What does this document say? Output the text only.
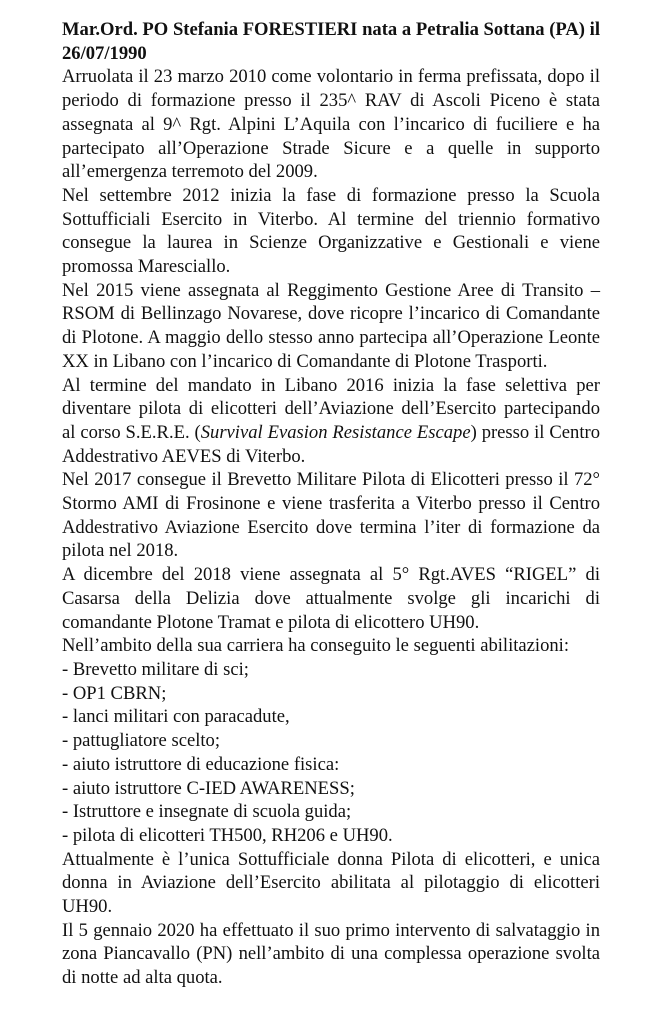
Mar.Ord. PO Stefania FORESTIERI nata a Petralia Sottana (PA) il 26/07/1990

Arruolata il 23 marzo 2010 come volontario in ferma prefissata, dopo il periodo di formazione presso il 235^ RAV di Ascoli Piceno è stata assegnata al 9^ Rgt. Alpini L’Aquila con l’incarico di fuciliere e ha partecipato all’Operazione Strade Sicure e a quelle in supporto all’emergenza terremoto del 2009.

Nel settembre 2012 inizia la fase di formazione presso la Scuola Sottufficiali Esercito in Viterbo. Al termine del triennio formativo consegue la laurea in Scienze Organizzative e Gestionali e viene promossa Maresciallo.

Nel 2015 viene assegnata al Reggimento Gestione Aree di Transito – RSOM di Bellinzago Novarese, dove ricopre l’incarico di Comandante di Plotone. A maggio dello stesso anno partecipa all’Operazione Leonte XX in Libano con l’incarico di Comandante di Plotone Trasporti.

Al termine del mandato in Libano 2016 inizia la fase selettiva per diventare pilota di elicotteri dell’Aviazione dell’Esercito partecipando al corso S.E.R.E. (Survival Evasion Resistance Escape) presso il Centro Addestrativo AEVES di Viterbo.

Nel 2017 consegue il Brevetto Militare Pilota di Elicotteri presso il 72° Stormo AMI di Frosinone e viene trasferita a Viterbo presso il Centro Addestrativo Aviazione Esercito dove termina l’iter di formazione da pilota nel 2018.

A dicembre del 2018 viene assegnata al 5° Rgt.AVES “RIGEL” di Casarsa della Delizia dove attualmente svolge gli incarichi di comandante Plotone Tramat e pilota di elicottero UH90.

Nell’ambito della sua carriera ha conseguito le seguenti abilitazioni:

- Brevetto militare di sci;
- OP1 CBRN;
- lanci militari con paracadute,
- pattugliatore scelto;
- aiuto istruttore di educazione fisica:
- aiuto istruttore C-IED AWARENESS;
- Istruttore e insegnate di scuola guida;
- pilota di elicotteri TH500, RH206 e UH90.

Attualmente è l’unica Sottufficiale donna Pilota di elicotteri, e unica donna in Aviazione dell’Esercito abilitata al pilotaggio di elicotteri UH90.

Il 5 gennaio 2020 ha effettuato il suo primo intervento di salvataggio in zona Piancavallo (PN) nell’ambito di una complessa operazione svolta di notte ad alta quota.
